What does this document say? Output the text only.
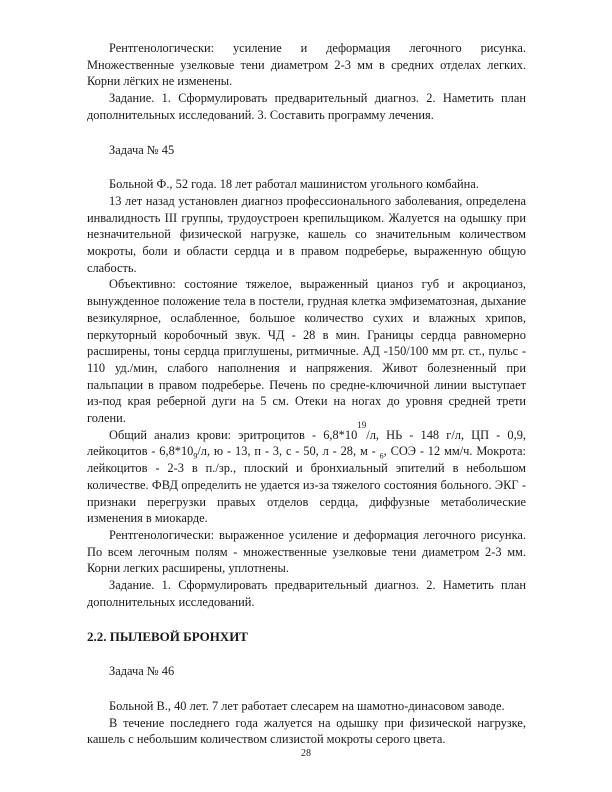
Рентгенологически: усиление и деформация легочного рисунка. Множественные узелковые тени диаметром 2-3 мм в средних отделах легких. Корни лёгких не изменены.

Задание. 1. Сформулировать предварительный диагноз. 2. Наметить план дополнительных исследований. 3. Составить программу лечения.

Задача № 45

Больной Ф., 52 года. 18 лет работал машинистом угольного комбайна.

13 лет назад установлен диагноз профессионального заболевания, определена инвалидность III группы, трудоустроен крепильщиком. Жалуется на одышку при незначительной физической нагрузке, кашель со значительным количеством мокроты, боли и области сердца и в правом подреберье, выраженную общую слабость.

Объективно: состояние тяжелое, выраженный цианоз губ и акроцианоз, вынужденное положение тела в постели, грудная клетка эмфизематозная, дыхание везикулярное, ослабленное, большое количество сухих и влажных хрипов, перкуторный коробочный звук. ЧД - 28 в мин. Границы сердца равномерно расширены, тоны сердца приглушены, ритмичные. АД -150/100 мм рт. ст., пульс - 110 уд./мин, слабого наполнения и напряжения. Живот болезненный при пальпации в правом подреберье. Печень по средне-ключичной линии выступает из-под края реберной дуги на 5 см. Отеки на ногах до уровня средней трети голени.

Общий анализ крови: эритроцитов - $6,8*10^{19}/л$, НЬ - 148 г/л, ЦП - 0,9, лейкоцитов - $6,8*10_9/л$, ю - 13, п - 3, с - 50, л - 28, м - $_6$, СОЭ - 12 мм/ч. Мокрота: лейкоцитов - 2-3 в п./зр., плоский и бронхиальный эпителий в небольшом количестве. ФВД определить не удается из-за тяжелого состояния больного. ЭКГ - признаки перегрузки правых отделов сердца, диффузные метаболические изменения в миокарде.

Рентгенологически: выраженное усиление и деформация легочного рисунка. По всем легочным полям - множественные узелковые тени диаметром 2-3 мм. Корни легких расширены, уплотнены.

Задание. 1. Сформулировать предварительный диагноз. 2. Наметить план дополнительных исследований.

2.2. ПЫЛЕВОЙ БРОНХИТ

Задача № 46

Больной В., 40 лет. 7 лет работает слесарем на шамотно-динасовом заводе.

В течение последнего года жалуется на одышку при физической нагрузке, кашель с небольшим количеством слизистой мокроты серого цвета.

28
